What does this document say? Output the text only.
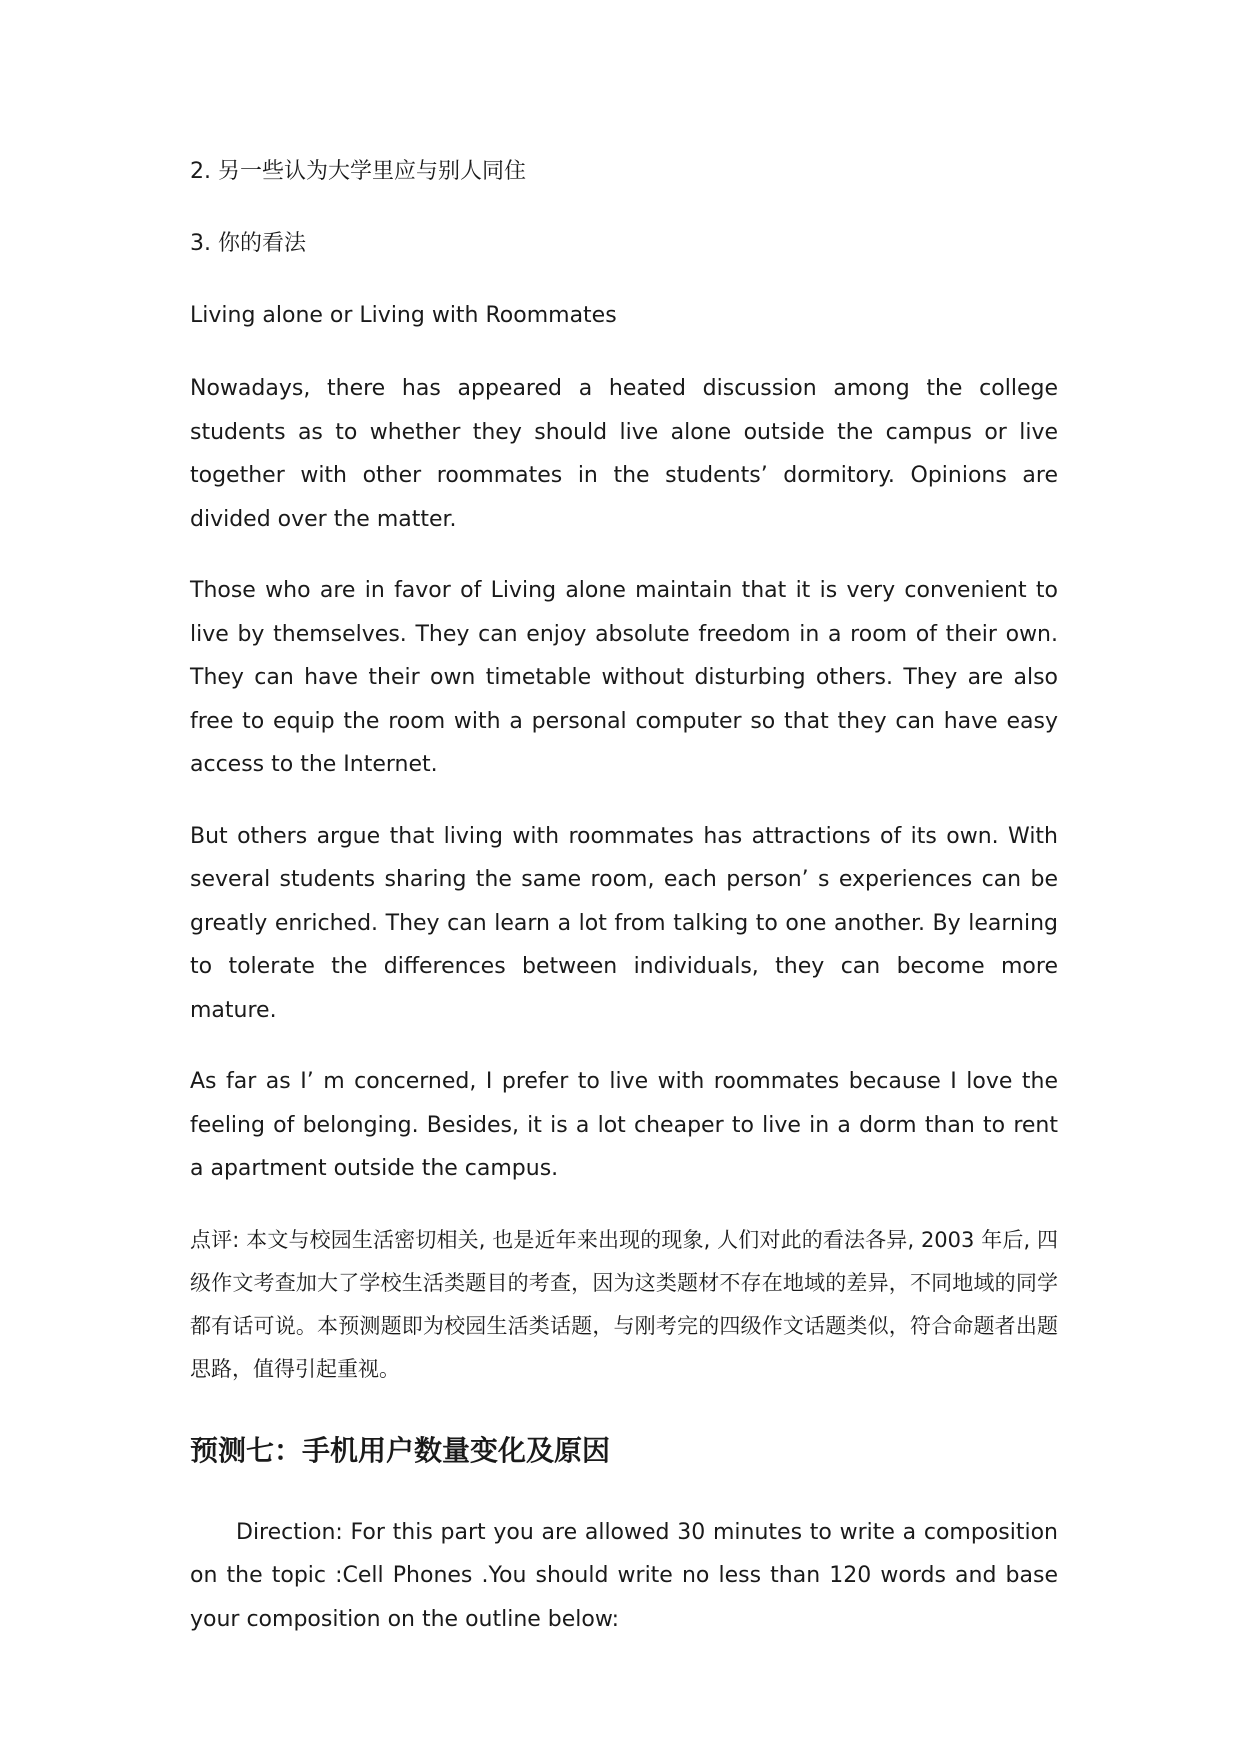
2. 另一些认为大学里应与别人同住

3. 你的看法

Living alone or Living with Roommates

Nowadays, there has appeared a heated discussion among the college students as to whether they should live alone outside the campus or live together with other roommates in the students’ dormitory. Opinions are divided over the matter.

Those who are in favor of Living alone maintain that it is very convenient to live by themselves. They can enjoy absolute freedom in a room of their own. They can have their own timetable without disturbing others. They are also free to equip the room with a personal computer so that they can have easy access to the Internet.

But others argue that living with roommates has attractions of its own. With several students sharing the same room, each person’ s experiences can be greatly enriched. They can learn a lot from talking to one another. By learning to tolerate the differences between individuals, they can become more mature.

As far as I’ m concerned, I prefer to live with roommates because I love the feeling of belonging. Besides, it is a lot cheaper to live in a dorm than to rent a apartment outside the campus.

点评: 本文与校园生活密切相关, 也是近年来出现的现象, 人们对此的看法各异, 2003 年后, 四级作文考查加大了学校生活类题目的考查，因为这类题材不存在地域的差异，不同地域的同学都有话可说。本预测题即为校园生活类话题，与刚考完的四级作文话题类似，符合命题者出题思路，值得引起重视。

预测七：手机用户数量变化及原因

Direction: For this part you are allowed 30 minutes to write a composition on the topic :Cell Phones .You should write no less than 120 words and base your composition on the outline below:
